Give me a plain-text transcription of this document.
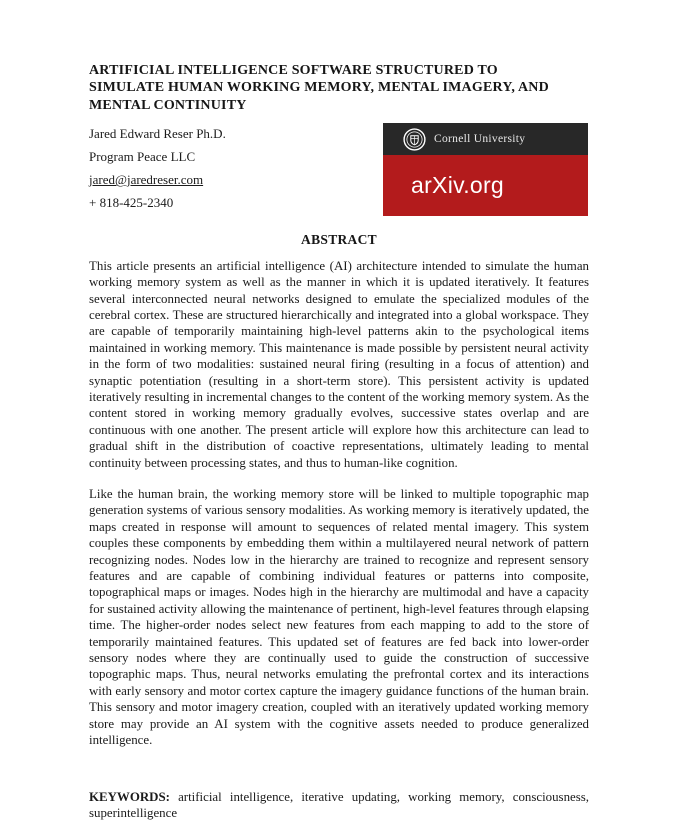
ARTIFICIAL INTELLIGENCE SOFTWARE STRUCTURED TO
SIMULATE HUMAN WORKING MEMORY, MENTAL IMAGERY, AND
MENTAL CONTINUITY
Jared Edward Reser Ph.D.
Program Peace LLC
jared@jaredreser.com
+ 818-425-2340
ABSTRACT

This article presents an artificial intelligence (AI) architecture intended to simulate the human working memory system as well as the manner in which it is updated iteratively. It features several interconnected neural networks designed to emulate the specialized modules of the cerebral cortex. These are structured hierarchically and integrated into a global workspace. They are capable of temporarily maintaining high-level patterns akin to the psychological items maintained in working memory. This maintenance is made possible by persistent neural activity in the form of two modalities: sustained neural firing (resulting in a focus of attention) and synaptic potentiation (resulting in a short-term store). This persistent activity is updated iteratively resulting in incremental changes to the content of the working memory system. As the content stored in working memory gradually evolves, successive states overlap and are continuous with one another. The present article will explore how this architecture can lead to gradual shift in the distribution of coactive representations, ultimately leading to mental continuity between processing states, and thus to human-like cognition.

Like the human brain, the working memory store will be linked to multiple topographic map generation systems of various sensory modalities. As working memory is iteratively updated, the maps created in response will amount to sequences of related mental imagery. This system couples these components by embedding them within a multilayered neural network of pattern recognizing nodes. Nodes low in the hierarchy are trained to recognize and represent sensory features and are capable of combining individual features or patterns into composite, topographical maps or images. Nodes high in the hierarchy are multimodal and have a capacity for sustained activity allowing the maintenance of pertinent, high-level features through elapsing time. The higher-order nodes select new features from each mapping to add to the store of temporarily maintained features. This updated set of features are fed back into lower-order sensory nodes where they are continually used to guide the construction of successive topographic maps. Thus, neural networks emulating the prefrontal cortex and its interactions with early sensory and motor cortex capture the imagery guidance functions of the human brain. This sensory and motor imagery creation, coupled with an iteratively updated working memory store may provide an AI system with the cognitive assets needed to produce generalized intelligence.

KEYWORDS: artificial intelligence, iterative updating, working memory, consciousness, superintelligence

Cornell University
arXiv.org
